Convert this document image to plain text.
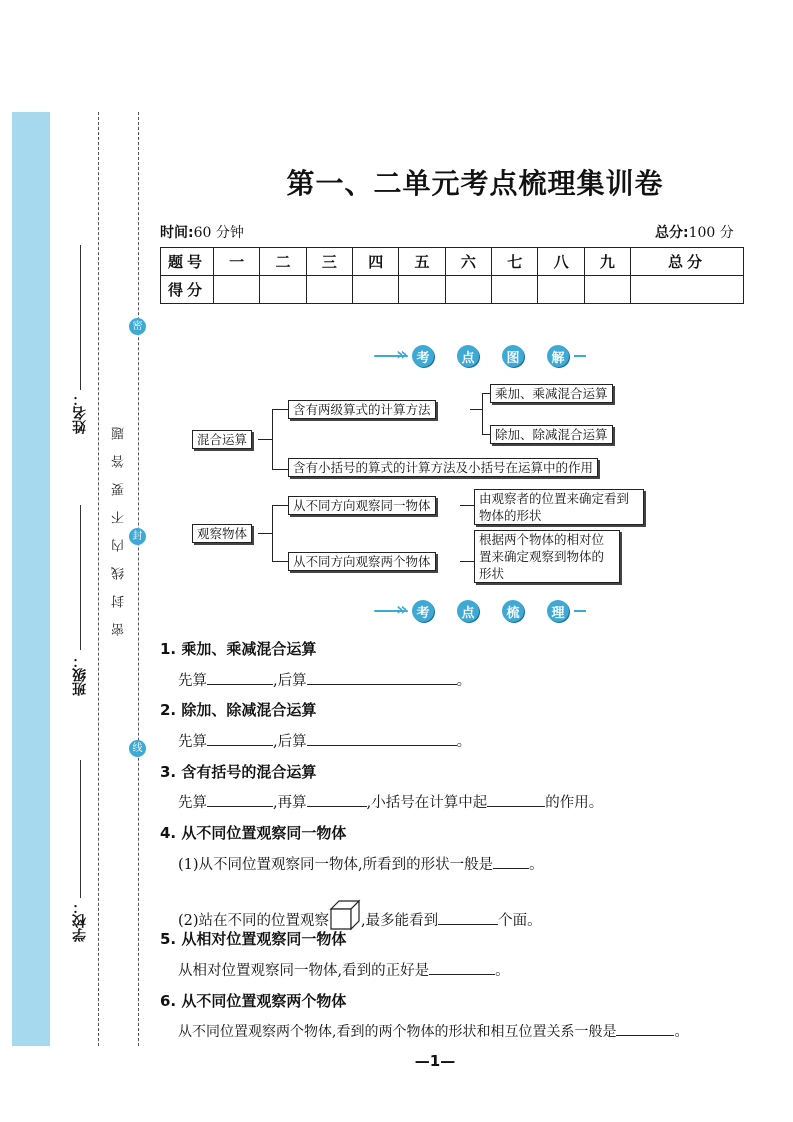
姓名：
班级：
学校：
密
封
线
密封线内不要答题
第一、二单元考点梳理集训卷
时间:60 分钟	总分:100 分
题号	一	二	三	四	五	六	七	八	九	总分
得分										
»
考	点	图	解
混合运算
含有两级算式的计算方法
乘加、乘减混合运算
除加、除减混合运算
含有小括号的算式的计算方法及小括号在运算中的作用
观察物体
从不同方向观察同一物体	由观察者的位置来确定看到物体的形状
从不同方向观察两个物体
根据两个物体的相对位置来确定观察到物体的形状
»
考	点	梳	理
1. 乘加、乘减混合运算
先算	,后算	。
2. 除加、除减混合运算
先算	,后算	。
3. 含有括号的混合运算
先算	,再算	,小括号在计算中起	的作用。
4. 从不同位置观察同一物体
(1)从不同位置观察同一物体,所看到的形状一般是 。
(2)站在不同的位置观察 ,最多能看到	个面。
5. 从相对位置观察同一物体
从相对位置观察同一物体,看到的正好是	。
6. 从不同位置观察两个物体
从不同位置观察两个物体,看到的两个物体的形状和相互位置关系一般是	。
—1—
